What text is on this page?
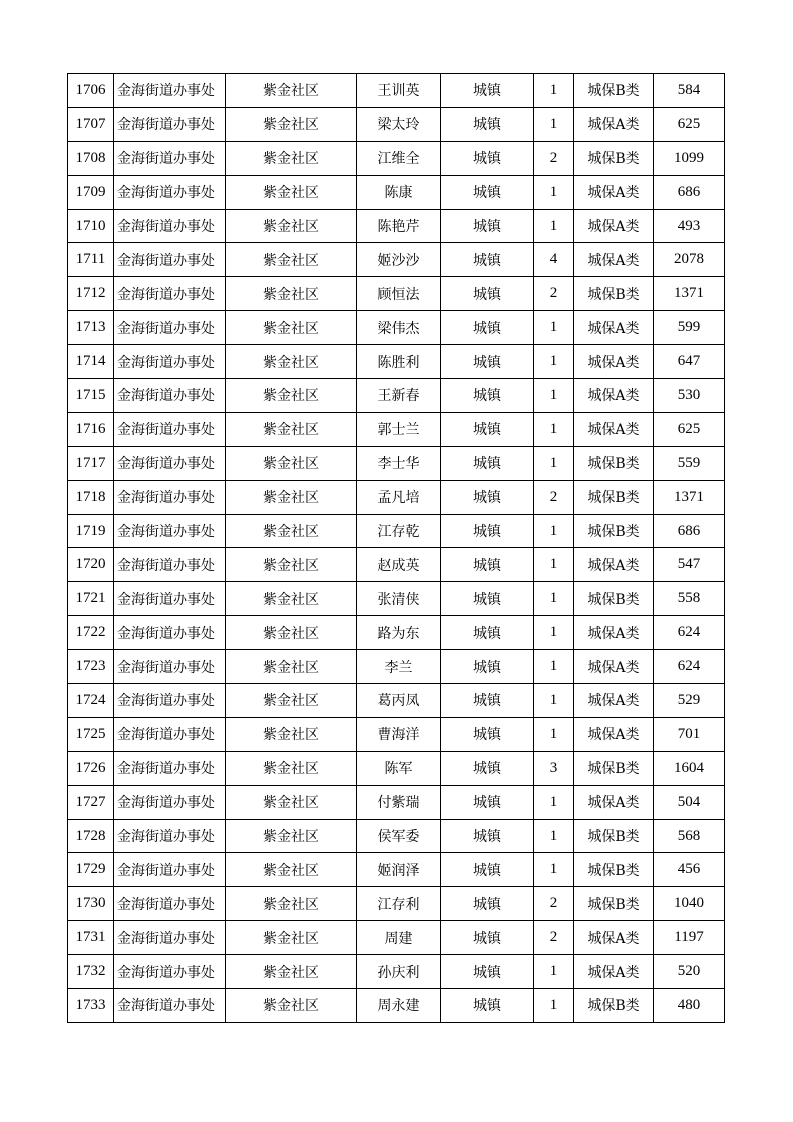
1706	金海街道办事处	紫金社区	王训英	城镇	1	城保B类	584
1707	金海街道办事处	紫金社区	梁太玲	城镇	1	城保A类	625
1708	金海街道办事处	紫金社区	江维全	城镇	2	城保B类	1099
1709	金海街道办事处	紫金社区	陈康	城镇	1	城保A类	686
1710	金海街道办事处	紫金社区	陈艳芹	城镇	1	城保A类	493
1711	金海街道办事处	紫金社区	姬沙沙	城镇	4	城保A类	2078
1712	金海街道办事处	紫金社区	顾恒法	城镇	2	城保B类	1371
1713	金海街道办事处	紫金社区	梁伟杰	城镇	1	城保A类	599
1714	金海街道办事处	紫金社区	陈胜利	城镇	1	城保A类	647
1715	金海街道办事处	紫金社区	王新春	城镇	1	城保A类	530
1716	金海街道办事处	紫金社区	郭士兰	城镇	1	城保A类	625
1717	金海街道办事处	紫金社区	李士华	城镇	1	城保B类	559
1718	金海街道办事处	紫金社区	孟凡培	城镇	2	城保B类	1371
1719	金海街道办事处	紫金社区	江存乾	城镇	1	城保B类	686
1720	金海街道办事处	紫金社区	赵成英	城镇	1	城保A类	547
1721	金海街道办事处	紫金社区	张清侠	城镇	1	城保B类	558
1722	金海街道办事处	紫金社区	路为东	城镇	1	城保A类	624
1723	金海街道办事处	紫金社区	李兰	城镇	1	城保A类	624
1724	金海街道办事处	紫金社区	葛丙凤	城镇	1	城保A类	529
1725	金海街道办事处	紫金社区	曹海洋	城镇	1	城保A类	701
1726	金海街道办事处	紫金社区	陈军	城镇	3	城保B类	1604
1727	金海街道办事处	紫金社区	付紫瑞	城镇	1	城保A类	504
1728	金海街道办事处	紫金社区	侯军委	城镇	1	城保B类	568
1729	金海街道办事处	紫金社区	姬润泽	城镇	1	城保B类	456
1730	金海街道办事处	紫金社区	江存利	城镇	2	城保B类	1040
1731	金海街道办事处	紫金社区	周建	城镇	2	城保A类	1197
1732	金海街道办事处	紫金社区	孙庆利	城镇	1	城保A类	520
1733	金海街道办事处	紫金社区	周永建	城镇	1	城保B类	480
